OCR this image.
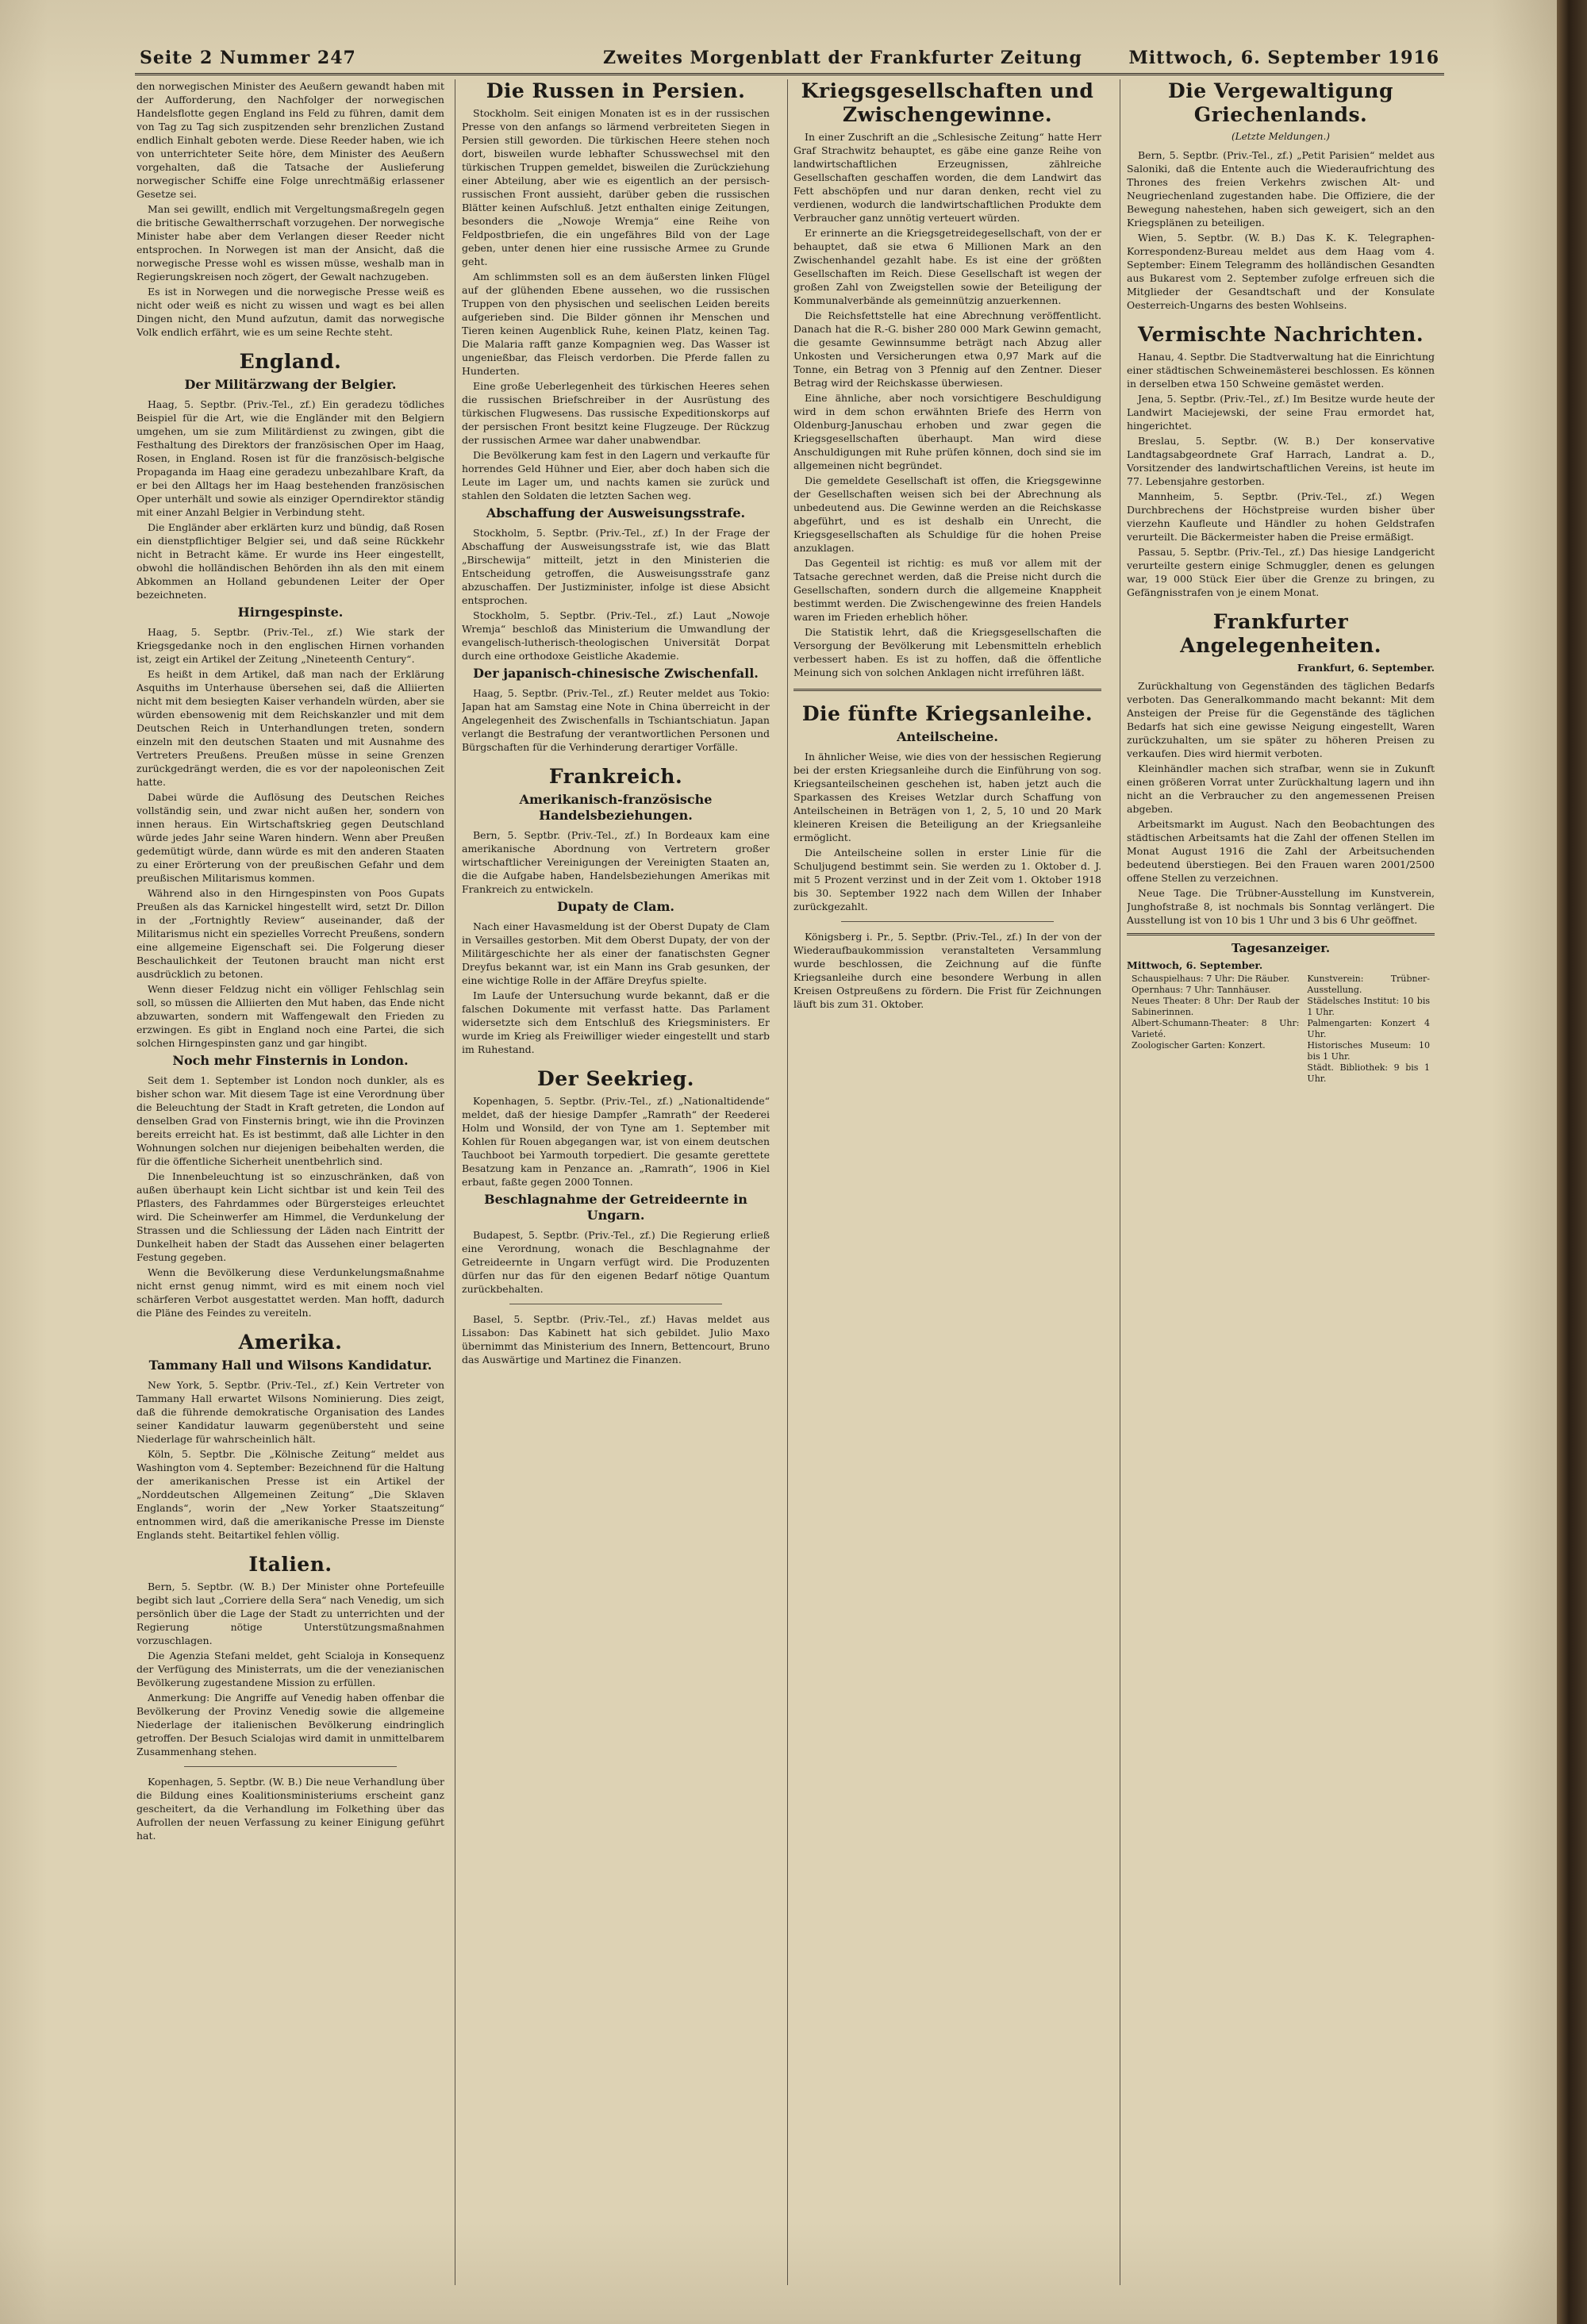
Seite 2 Nummer 247	Zweites Morgenblatt der Frankfurter Zeitung	Mittwoch, 6. September 1916

den norwegischen Minister des Aeußern gewandt haben mit der Aufforderung, den Nachfolger der norwegischen Handelsflotte gegen England ins Feld zu führen, damit dem von Tag zu Tag sich zuspitzenden sehr brenzlichen Zustand endlich Einhalt geboten werde. Diese Reeder haben, wie ich von unterrichteter Seite höre, dem Minister des Aeußern vorgehalten, daß die Tatsache der Auslieferung norwegischer Schiffe eine Folge unrechtmäßig erlassener Gesetze sei.

Man sei gewillt, endlich mit Vergeltungsmaßregeln gegen die britische Gewaltherrschaft vorzugehen. Der norwegische Minister habe aber dem Verlangen dieser Reeder nicht entsprochen. In Norwegen ist man der Ansicht, daß die norwegische Presse wohl es wissen müsse, weshalb man in Regierungskreisen noch zögert, der Gewalt nachzugeben.

Es ist in Norwegen und die norwegische Presse weiß es nicht oder weiß es nicht zu wissen und wagt es bei allen Dingen nicht, den Mund aufzutun, damit das norwegische Volk endlich erfährt, wie es um seine Rechte steht.

England.
Der Militärzwang der Belgier.

Haag, 5. Septbr. (Priv.-Tel., zf.) Ein geradezu tödliches Beispiel für die Art, wie die Engländer mit den Belgiern umgehen, um sie zum Militärdienst zu zwingen, gibt die Festhaltung des Direktors der französischen Oper im Haag, Rosen, in England. Rosen ist für die französisch-belgische Propaganda im Haag eine geradezu unbezahlbare Kraft, da er bei den Alltags her im Haag bestehenden französischen Oper unterhält und sowie als einziger Operndirektor ständig mit einer Anzahl Belgier in Verbindung steht.

Die Engländer aber erklärten kurz und bündig, daß Rosen ein dienstpflichtiger Belgier sei, und daß seine Rückkehr nicht in Betracht käme. Er wurde ins Heer eingestellt, obwohl die holländischen Behörden ihn als den mit einem Abkommen an Holland gebundenen Leiter der Oper bezeichneten.

Hirngespinste.

Haag, 5. Septbr. (Priv.-Tel., zf.) Wie stark der Kriegsgedanke noch in den englischen Hirnen vorhanden ist, zeigt ein Artikel der Zeitung „Nineteenth Century“.

Es heißt in dem Artikel, daß man nach der Erklärung Asquiths im Unterhause übersehen sei, daß die Alliierten nicht mit dem besiegten Kaiser verhandeln würden, aber sie würden ebensowenig mit dem Reichskanzler und mit dem Deutschen Reich in Unterhandlungen treten, sondern einzeln mit den deutschen Staaten und mit Ausnahme des Vertreters Preußens. Preußen müsse in seine Grenzen zurückgedrängt werden, die es vor der napoleonischen Zeit hatte.

Dabei würde die Auflösung des Deutschen Reiches vollständig sein, und zwar nicht außen her, sondern von innen heraus. Ein Wirtschaftskrieg gegen Deutschland würde jedes Jahr seine Waren hindern. Wenn aber Preußen gedemütigt würde, dann würde es mit den anderen Staaten zu einer Erörterung von der preußischen Gefahr und dem preußischen Militarismus kommen.

Während also in den Hirngespinsten von Poos Gupats Preußen als das Karnickel hingestellt wird, setzt Dr. Dillon in der „Fortnightly Review“ auseinander, daß der Militarismus nicht ein spezielles Vorrecht Preußens, sondern eine allgemeine Eigenschaft sei. Die Folgerung dieser Beschaulichkeit der Teutonen braucht man nicht erst ausdrücklich zu betonen.

Wenn dieser Feldzug nicht ein völliger Fehlschlag sein soll, so müssen die Alliierten den Mut haben, das Ende nicht abzuwarten, sondern mit Waffengewalt den Frieden zu erzwingen. Es gibt in England noch eine Partei, die sich solchen Hirngespinsten ganz und gar hingibt.

Noch mehr Finsternis in London.

Seit dem 1. September ist London noch dunkler, als es bisher schon war. Mit diesem Tage ist eine Verordnung über die Beleuchtung der Stadt in Kraft getreten, die London auf denselben Grad von Finsternis bringt, wie ihn die Provinzen bereits erreicht hat. Es ist bestimmt, daß alle Lichter in den Wohnungen solchen nur diejenigen beibehalten werden, die für die öffentliche Sicherheit unentbehrlich sind.

Die Innenbeleuchtung ist so einzuschränken, daß von außen überhaupt kein Licht sichtbar ist und kein Teil des Pflasters, des Fahrdammes oder Bürgersteiges erleuchtet wird. Die Scheinwerfer am Himmel, die Verdunkelung der Strassen und die Schliessung der Läden nach Eintritt der Dunkelheit haben der Stadt das Aussehen einer belagerten Festung gegeben.

Wenn die Bevölkerung diese Verdunkelungsmaßnahme nicht ernst genug nimmt, wird es mit einem noch viel schärferen Verbot ausgestattet werden. Man hofft, dadurch die Pläne des Feindes zu vereiteln.

Amerika.
Tammany Hall und Wilsons Kandidatur.

New York, 5. Septbr. (Priv.-Tel., zf.) Kein Vertreter von Tammany Hall erwartet Wilsons Nominierung. Dies zeigt, daß die führende demokratische Organisation des Landes seiner Kandidatur lauwarm gegenübersteht und seine Niederlage für wahrscheinlich hält.

Köln, 5. Septbr. Die „Kölnische Zeitung“ meldet aus Washington vom 4. September: Bezeichnend für die Haltung der amerikanischen Presse ist ein Artikel der „Norddeutschen Allgemeinen Zeitung“ „Die Sklaven Englands“, worin der „New Yorker Staatszeitung“ entnommen wird, daß die amerikanische Presse im Dienste Englands steht. Beitartikel fehlen völlig.

Italien.

Bern, 5. Septbr. (W. B.) Der Minister ohne Portefeuille begibt sich laut „Corriere della Sera“ nach Venedig, um sich persönlich über die Lage der Stadt zu unterrichten und der Regierung nötige Unterstützungsmaßnahmen vorzuschlagen.

Die Agenzia Stefani meldet, geht Scialoja in Konsequenz der Verfügung des Ministerrats, um die der venezianischen Bevölkerung zugestandene Mission zu erfüllen.

Anmerkung: Die Angriffe auf Venedig haben offenbar die Bevölkerung der Provinz Venedig sowie die allgemeine Niederlage der italienischen Bevölkerung eindringlich getroffen. Der Besuch Scialojas wird damit in unmittelbarem Zusammenhang stehen.

Kopenhagen, 5. Septbr. (W. B.) Die neue Verhandlung über die Bildung eines Koalitionsministeriums erscheint ganz gescheitert, da die Verhandlung im Folkething über das Aufrollen der neuen Verfassung zu keiner Einigung geführt hat.

Die Russen in Persien.

Stockholm. Seit einigen Monaten ist es in der russischen Presse von den anfangs so lärmend verbreiteten Siegen in Persien still geworden. Die türkischen Heere stehen noch dort, bisweilen wurde lebhafter Schusswechsel mit den türkischen Truppen gemeldet, bisweilen die Zurückziehung einer Abteilung, aber wie es eigentlich an der persisch-russischen Front aussieht, darüber geben die russischen Blätter keinen Aufschluß. Jetzt enthalten einige Zeitungen, besonders die „Nowoje Wremja“ eine Reihe von Feldpostbriefen, die ein ungefähres Bild von der Lage geben, unter denen hier eine russische Armee zu Grunde geht.

Am schlimmsten soll es an dem äußersten linken Flügel auf der glühenden Ebene aussehen, wo die russischen Truppen von den physischen und seelischen Leiden bereits aufgerieben sind. Die Bilder gönnen ihr Menschen und Tieren keinen Augenblick Ruhe, keinen Platz, keinen Tag. Die Malaria rafft ganze Kompagnien weg. Das Wasser ist ungenießbar, das Fleisch verdorben. Die Pferde fallen zu Hunderten.

Eine große Ueberlegenheit des türkischen Heeres sehen die russischen Briefschreiber in der Ausrüstung des türkischen Flugwesens. Das russische Expeditionskorps auf der persischen Front besitzt keine Flugzeuge. Der Rückzug der russischen Armee war daher unabwendbar.

Die Bevölkerung kam fest in den Lagern und verkaufte für horrendes Geld Hühner und Eier, aber doch haben sich die Leute im Lager um, und nachts kamen sie zurück und stahlen den Soldaten die letzten Sachen weg.

Abschaffung der Ausweisungsstrafe.

Stockholm, 5. Septbr. (Priv.-Tel., zf.) In der Frage der Abschaffung der Ausweisungsstrafe ist, wie das Blatt „Birschewija“ mitteilt, jetzt in den Ministerien die Entscheidung getroffen, die Ausweisungsstrafe ganz abzuschaffen. Der Justizminister, infolge ist diese Absicht entsprochen.

Stockholm, 5. Septbr. (Priv.-Tel., zf.) Laut „Nowoje Wremja“ beschloß das Ministerium die Umwandlung der evangelisch-lutherisch-theologischen Universität Dorpat durch eine orthodoxe Geistliche Akademie.

Der japanisch-chinesische Zwischenfall.

Haag, 5. Septbr. (Priv.-Tel., zf.) Reuter meldet aus Tokio: Japan hat am Samstag eine Note in China überreicht in der Angelegenheit des Zwischenfalls in Tschiantschiatun. Japan verlangt die Bestrafung der verantwortlichen Personen und Bürgschaften für die Verhinderung derartiger Vorfälle.

Frankreich.
Amerikanisch-französische Handelsbeziehungen.

Bern, 5. Septbr. (Priv.-Tel., zf.) In Bordeaux kam eine amerikanische Abordnung von Vertretern großer wirtschaftlicher Vereinigungen der Vereinigten Staaten an, die die Aufgabe haben, Handelsbeziehungen Amerikas mit Frankreich zu entwickeln.

Dupaty de Clam.

Nach einer Havasmeldung ist der Oberst Dupaty de Clam in Versailles gestorben. Mit dem Oberst Dupaty, der von der Militärgeschichte her als einer der fanatischsten Gegner Dreyfus bekannt war, ist ein Mann ins Grab gesunken, der eine wichtige Rolle in der Affäre Dreyfus spielte.

Im Laufe der Untersuchung wurde bekannt, daß er die falschen Dokumente mit verfasst hatte. Das Parlament widersetzte sich dem Entschluß des Kriegsministers. Er wurde im Krieg als Freiwilliger wieder eingestellt und starb im Ruhestand.

Der Seekrieg.

Kopenhagen, 5. Septbr. (Priv.-Tel., zf.) „Nationaltidende“ meldet, daß der hiesige Dampfer „Ramrath“ der Reederei Holm und Wonsild, der von Tyne am 1. September mit Kohlen für Rouen abgegangen war, ist von einem deutschen Tauchboot bei Yarmouth torpediert. Die gesamte gerettete Besatzung kam in Penzance an. „Ramrath“, 1906 in Kiel erbaut, faßte gegen 2000 Tonnen.

Beschlagnahme der Getreideernte in Ungarn.

Budapest, 5. Septbr. (Priv.-Tel., zf.) Die Regierung erließ eine Verordnung, wonach die Beschlagnahme der Getreideernte in Ungarn verfügt wird. Die Produzenten dürfen nur das für den eigenen Bedarf nötige Quantum zurückbehalten.

Basel, 5. Septbr. (Priv.-Tel., zf.) Havas meldet aus Lissabon: Das Kabinett hat sich gebildet. Julio Maxo übernimmt das Ministerium des Innern, Bettencourt, Bruno das Auswärtige und Martinez die Finanzen.

Kriegsgesellschaften und Zwischengewinne.

In einer Zuschrift an die „Schlesische Zeitung“ hatte Herr Graf Strachwitz behauptet, es gäbe eine ganze Reihe von landwirtschaftlichen Erzeugnissen, zählreiche Gesellschaften geschaffen worden, die dem Landwirt das Fett abschöpfen und nur daran denken, recht viel zu verdienen, wodurch die landwirtschaftlichen Produkte dem Verbraucher ganz unnötig verteuert würden.

Er erinnerte an die Kriegsgetreidegesellschaft, von der er behauptet, daß sie etwa 6 Millionen Mark an den Zwischenhandel gezahlt habe. Es ist eine der größten Gesellschaften im Reich. Diese Gesellschaft ist wegen der großen Zahl von Zweigstellen sowie der Beteiligung der Kommunalverbände als gemeinnützig anzuerkennen.

Die Reichsfettstelle hat eine Abrechnung veröffentlicht. Danach hat die R.-G. bisher 280 000 Mark Gewinn gemacht, die gesamte Gewinnsumme beträgt nach Abzug aller Unkosten und Versicherungen etwa 0,97 Mark auf die Tonne, ein Betrag von 3 Pfennig auf den Zentner. Dieser Betrag wird der Reichskasse überwiesen.

Eine ähnliche, aber noch vorsichtigere Beschuldigung wird in dem schon erwähnten Briefe des Herrn von Oldenburg-Januschau erhoben und zwar gegen die Kriegsgesellschaften überhaupt. Man wird diese Anschuldigungen mit Ruhe prüfen können, doch sind sie im allgemeinen nicht begründet.

Die gemeldete Gesellschaft ist offen, die Kriegsgewinne der Gesellschaften weisen sich bei der Abrechnung als unbedeutend aus. Die Gewinne werden an die Reichskasse abgeführt, und es ist deshalb ein Unrecht, die Kriegsgesellschaften als Schuldige für die hohen Preise anzuklagen.

Das Gegenteil ist richtig: es muß vor allem mit der Tatsache gerechnet werden, daß die Preise nicht durch die Gesellschaften, sondern durch die allgemeine Knappheit bestimmt werden. Die Zwischengewinne des freien Handels waren im Frieden erheblich höher.

Die Statistik lehrt, daß die Kriegsgesellschaften die Versorgung der Bevölkerung mit Lebensmitteln erheblich verbessert haben. Es ist zu hoffen, daß die öffentliche Meinung sich von solchen Anklagen nicht irreführen läßt.

Die fünfte Kriegsanleihe.
Anteilscheine.

In ähnlicher Weise, wie dies von der hessischen Regierung bei der ersten Kriegsanleihe durch die Einführung von sog. Kriegsanteilscheinen geschehen ist, haben jetzt auch die Sparkassen des Kreises Wetzlar durch Schaffung von Anteilscheinen in Beträgen von 1, 2, 5, 10 und 20 Mark kleineren Kreisen die Beteiligung an der Kriegsanleihe ermöglicht.

Die Anteilscheine sollen in erster Linie für die Schuljugend bestimmt sein. Sie werden zu 1. Oktober d. J. mit 5 Prozent verzinst und in der Zeit vom 1. Oktober 1918 bis 30. September 1922 nach dem Willen der Inhaber zurückgezahlt.

Königsberg i. Pr., 5. Septbr. (Priv.-Tel., zf.) In der von der Wiederaufbaukommission veranstalteten Versammlung wurde beschlossen, die Zeichnung auf die fünfte Kriegsanleihe durch eine besondere Werbung in allen Kreisen Ostpreußens zu fördern. Die Frist für Zeichnungen läuft bis zum 31. Oktober.

Die Vergewaltigung Griechenlands.
(Letzte Meldungen.)

Bern, 5. Septbr. (Priv.-Tel., zf.) „Petit Parisien“ meldet aus Saloniki, daß die Entente auch die Wiederaufrichtung des Thrones des freien Verkehrs zwischen Alt- und Neugriechenland zugestanden habe. Die Offiziere, die der Bewegung nahestehen, haben sich geweigert, sich an den Kriegsplänen zu beteiligen.

Wien, 5. Septbr. (W. B.) Das K. K. Telegraphen-Korrespondenz-Bureau meldet aus dem Haag vom 4. September: Einem Telegramm des holländischen Gesandten aus Bukarest vom 2. September zufolge erfreuen sich die Mitglieder der Gesandtschaft und der Konsulate Oesterreich-Ungarns des besten Wohlseins.

Vermischte Nachrichten.

Hanau, 4. Septbr. Die Stadtverwaltung hat die Einrichtung einer städtischen Schweinemästerei beschlossen. Es können in derselben etwa 150 Schweine gemästet werden.

Jena, 5. Septbr. (Priv.-Tel., zf.) Im Besitze wurde heute der Landwirt Maciejewski, der seine Frau ermordet hat, hingerichtet.

Breslau, 5. Septbr. (W. B.) Der konservative Landtagsabgeordnete Graf Harrach, Landrat a. D., Vorsitzender des landwirtschaftlichen Vereins, ist heute im 77. Lebensjahre gestorben.

Mannheim, 5. Septbr. (Priv.-Tel., zf.) Wegen Durchbrechens der Höchstpreise wurden bisher über vierzehn Kaufleute und Händler zu hohen Geldstrafen verurteilt. Die Bäckermeister haben die Preise ermäßigt.

Passau, 5. Septbr. (Priv.-Tel., zf.) Das hiesige Landgericht verurteilte gestern einige Schmuggler, denen es gelungen war, 19 000 Stück Eier über die Grenze zu bringen, zu Gefängnisstrafen von je einem Monat.

Frankfurter Angelegenheiten.
Frankfurt, 6. September.

Zurückhaltung von Gegenständen des täglichen Bedarfs verboten. Das Generalkommando macht bekannt: Mit dem Ansteigen der Preise für die Gegenstände des täglichen Bedarfs hat sich eine gewisse Neigung eingestellt, Waren zurückzuhalten, um sie später zu höheren Preisen zu verkaufen. Dies wird hiermit verboten.

Kleinhändler machen sich strafbar, wenn sie in Zukunft einen größeren Vorrat unter Zurückhaltung lagern und ihn nicht an die Verbraucher zu den angemessenen Preisen abgeben.

Arbeitsmarkt im August. Nach den Beobachtungen des städtischen Arbeitsamts hat die Zahl der offenen Stellen im Monat August 1916 die Zahl der Arbeitsuchenden bedeutend überstiegen. Bei den Frauen waren 2001/2500 offene Stellen zu verzeichnen.

Neue Tage. Die Trübner-Ausstellung im Kunstverein, Junghofstraße 8, ist nochmals bis Sonntag verlängert. Die Ausstellung ist von 10 bis 1 Uhr und 3 bis 6 Uhr geöffnet.

Tagesanzeiger.
Mittwoch, 6. September.
Schauspielhaus: 7 Uhr: Die Räuber.
Opernhaus: 7 Uhr: Tannhäuser.
Neues Theater: 8 Uhr: Der Raub der Sabinerinnen.
Albert-Schumann-Theater: 8 Uhr: Varieté.
Zoologischer Garten: Konzert.

Kunstverein: Trübner-Ausstellung.
Städelsches Institut: 10 bis 1 Uhr.
Palmengarten: Konzert 4 Uhr.
Historisches Museum: 10 bis 1 Uhr.
Städt. Bibliothek: 9 bis 1 Uhr.
